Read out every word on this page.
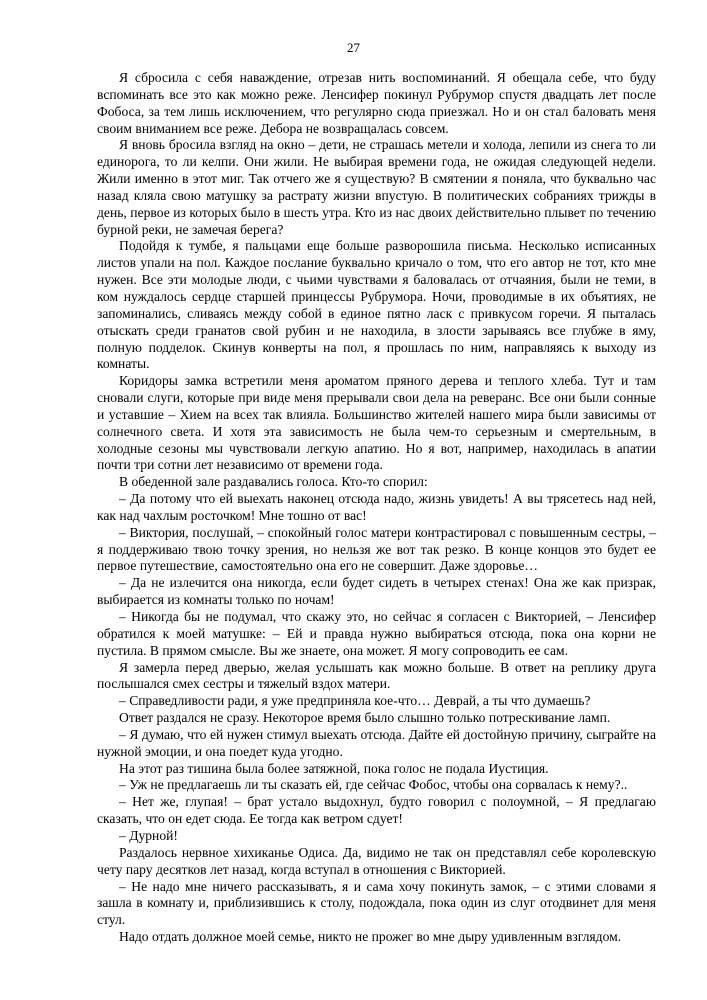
27

Я сбросила с себя наваждение, отрезав нить воспоминаний. Я обещала себе, что буду вспоминать все это как можно реже. Ленсифер покинул Рубрумор спустя двадцать лет после Фобоса, за тем лишь исключением, что регулярно сюда приезжал. Но и он стал баловать меня своим вниманием все реже. Дебора не возвращалась совсем.

Я вновь бросила взгляд на окно – дети, не страшась метели и холода, лепили из снега то ли единорога, то ли келпи. Они жили. Не выбирая времени года, не ожидая следующей недели. Жили именно в этот миг. Так отчего же я существую? В смятении я поняла, что буквально час назад кляла свою матушку за растрату жизни впустую. В политических собраниях трижды в день, первое из которых было в шесть утра. Кто из нас двоих действительно плывет по течению бурной реки, не замечая берега?

Подойдя к тумбе, я пальцами еще больше разворошила письма. Несколько исписанных листов упали на пол. Каждое послание буквально кричало о том, что его автор не тот, кто мне нужен. Все эти молодые люди, с чьими чувствами я баловалась от отчаяния, были не теми, в ком нуждалось сердце старшей принцессы Рубрумора. Ночи, проводимые в их объятиях, не запоминались, сливаясь между собой в единое пятно ласк с привкусом горечи. Я пыталась отыскать среди гранатов свой рубин и не находила, в злости зарываясь все глубже в яму, полную подделок. Скинув конверты на пол, я прошлась по ним, направляясь к выходу из комнаты.

Коридоры замка встретили меня ароматом пряного дерева и теплого хлеба. Тут и там сновали слуги, которые при виде меня прерывали свои дела на реверанс. Все они были сонные и уставшие – Хием на всех так влияла. Большинство жителей нашего мира были зависимы от солнечного света. И хотя эта зависимость не была чем-то серьезным и смертельным, в холодные сезоны мы чувствовали легкую апатию. Но я вот, например, находилась в апатии почти три сотни лет независимо от времени года.

В обеденной зале раздавались голоса. Кто-то спорил:

– Да потому что ей выехать наконец отсюда надо, жизнь увидеть! А вы трясетесь над ней, как над чахлым росточком! Мне тошно от вас!

– Виктория, послушай, – спокойный голос матери контрастировал с повышенным сестры, – я поддерживаю твою точку зрения, но нельзя же вот так резко. В конце концов это будет ее первое путешествие, самостоятельно она его не совершит. Даже здоровье…

– Да не излечится она никогда, если будет сидеть в четырех стенах! Она же как призрак, выбирается из комнаты только по ночам!

– Никогда бы не подумал, что скажу это, но сейчас я согласен с Викторией, – Ленсифер обратился к моей матушке: – Ей и правда нужно выбираться отсюда, пока она корни не пустила. В прямом смысле. Вы же знаете, она может. Я могу сопроводить ее сам.

Я замерла перед дверью, желая услышать как можно больше. В ответ на реплику друга послышался смех сестры и тяжелый вздох матери.

– Справедливости ради, я уже предприняла кое-что… Деврай, а ты что думаешь?

Ответ раздался не сразу. Некоторое время было слышно только потрескивание ламп.

– Я думаю, что ей нужен стимул выехать отсюда. Дайте ей достойную причину, сыграйте на нужной эмоции, и она поедет куда угодно.

На этот раз тишина была более затяжной, пока голос не подала Иустиция.

– Уж не предлагаешь ли ты сказать ей, где сейчас Фобос, чтобы она сорвалась к нему?..

– Нет же, глупая! – брат устало выдохнул, будто говорил с полоумной, – Я предлагаю сказать, что он едет сюда. Ее тогда как ветром сдует!

– Дурной!

Раздалось нервное хихиканье Одиса. Да, видимо не так он представлял себе королевскую чету пару десятков лет назад, когда вступал в отношения с Викторией.

– Не надо мне ничего рассказывать, я и сама хочу покинуть замок, – с этими словами я зашла в комнату и, приблизившись к столу, подождала, пока один из слуг отодвинет для меня стул.

Надо отдать должное моей семье, никто не прожег во мне дыру удивленным взглядом.
